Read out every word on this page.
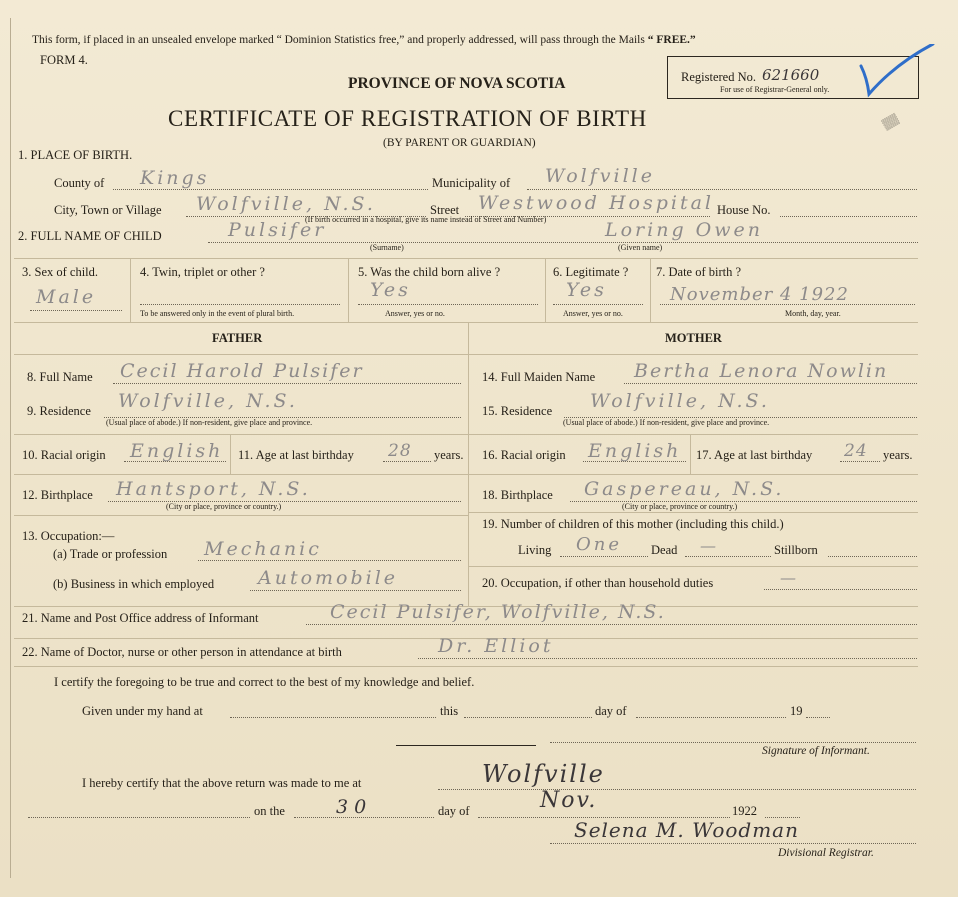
This form, if placed in an unsealed envelope marked “ Dominion Statistics free,” and properly addressed, will pass through the Mails “ FREE.”
FORM 4.
PROVINCE OF NOVA SCOTIA
CERTIFICATE OF REGISTRATION OF BIRTH
(BY PARENT OR GUARDIAN)
Registered No. 621660
For use of Registrar-General only.
▒▒
1. PLACE OF BIRTH.
County of Kings	Municipality of Wolfville
City, Town or Village Wolfville, N.S.	Street Westwood Hospital House No.
(If birth occurred in a hospital, give its name instead of Street and Number)
2. FULL NAME OF CHILD	Pulsifer
(Surname)
Loring Owen
(Given name)
3. Sex of child.
Male
4. Twin, triplet or other ?
To be answered only in the event of plural birth.
5. Was the child born alive ?
Yes
Answer, yes or no.
6. Legitimate ?
Yes
Answer, yes or no.
7. Date of birth ?
November 4 1922
Month, day, year.
FATHER	MOTHER
8. Full Name Cecil Harold Pulsifer
9. Residence Wolfville, N.S.
(Usual place of abode.) If non-resident, give place and province.
10. Racial origin English 11. Age at last birthday 28 years.
12. Birthplace Hantsport, N.S.
(City or place, province or country.)
13. Occupation:—
(a) Trade or profession Mechanic
(b) Business in which employed Automobile
14. Full Maiden Name Bertha Lenora Nowlin
15. Residence Wolfville, N.S.
(Usual place of abode.) If non-resident, give place and province.
16. Racial origin English 17. Age at last birthday 24 years.
18. Birthplace Gaspereau, N.S.
(City or place, province or country.)
19. Number of children of this mother (including this child.)
Living One Dead —	Stillborn
20. Occupation, if other than household duties	—
21. Name and Post Office address of Informant	Cecil Pulsifer, Wolfville, N.S.
22. Name of Doctor, nurse or other person in attendance at birth	Dr. Elliot
I certify the foregoing to be true and correct to the best of my knowledge and belief.
Given under my hand at	this	day of	19
Signature of Informant.
I hereby certify that the above return was made to me at	Wolfville
on the	30	day of	Nov.	1922
Selena M. Woodman
Divisional Registrar.
